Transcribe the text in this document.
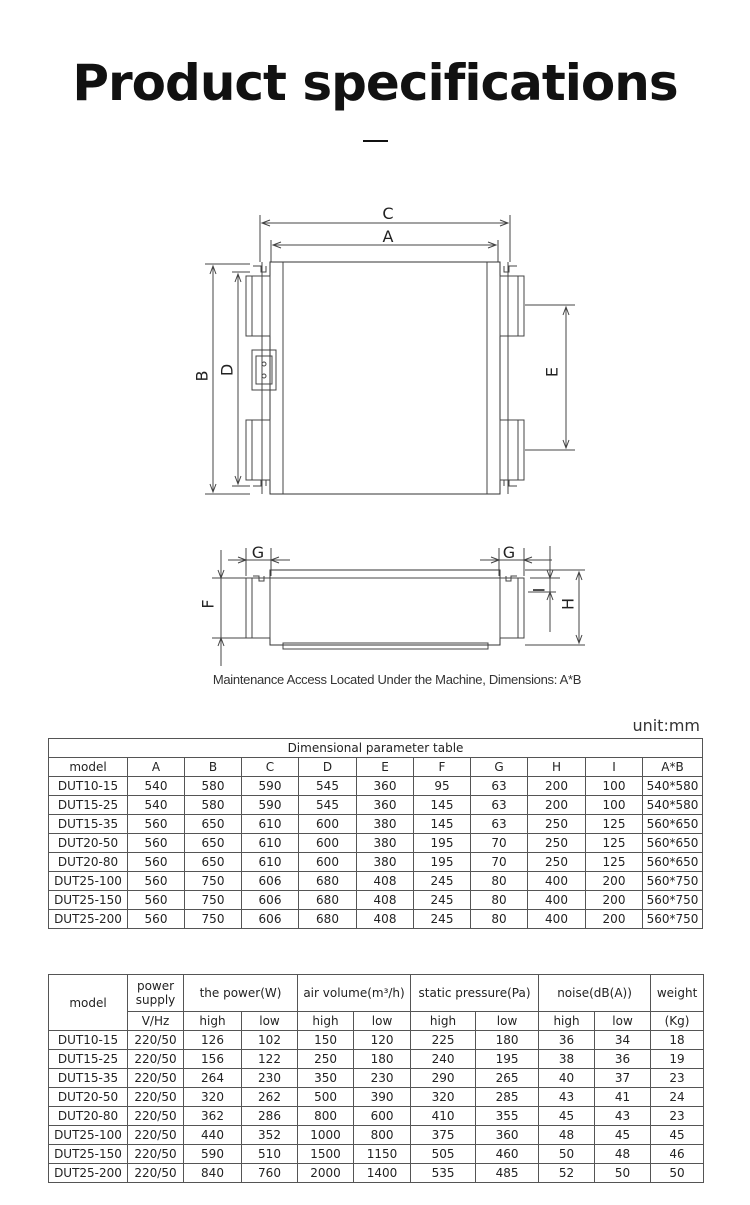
Product specifications
C
A
B D	E
G	G
F
I
H
Maintenance Access Located Under the Machine, Dimensions: A*B
unit:mm
Dimensional parameter table										
model	A	B	C	D	E	F	G	H	I	A*B
DUT10-15	540	580	590	545	360	95	63	200	100	540*580
DUT15-25	540	580	590	545	360	145	63	200	100	540*580
DUT15-35	560	650	610	600	380	145	63	250	125	560*650
DUT20-50	560	650	610	600	380	195	70	250	125	560*650
DUT20-80	560	650	610	600	380	195	70	250	125	560*650
DUT25-100	560	750	606	680	408	245	80	400	200	560*750
DUT25-150	560	750	606	680	408	245	80	400	200	560*750
DUT25-200	560	750	606	680	408	245	80	400	200	560*750
model	power supply	the power(W)		air volume(m³/h)		static pressure(Pa)		noise(dB(A))		weight
	V/Hz	high	low	high	low	high	low	high	low	(Kg)
DUT10-15	220/50	126	102	150	120	225	180	36	34	18
DUT15-25	220/50	156	122	250	180	240	195	38	36	19
DUT15-35	220/50	264	230	350	230	290	265	40	37	23
DUT20-50	220/50	320	262	500	390	320	285	43	41	24
DUT20-80	220/50	362	286	800	600	410	355	45	43	23
DUT25-100	220/50	440	352	1000	800	375	360	48	45	45
DUT25-150	220/50	590	510	1500	1150	505	460	50	48	46
DUT25-200	220/50	840	760	2000	1400	535	485	52	50	50
